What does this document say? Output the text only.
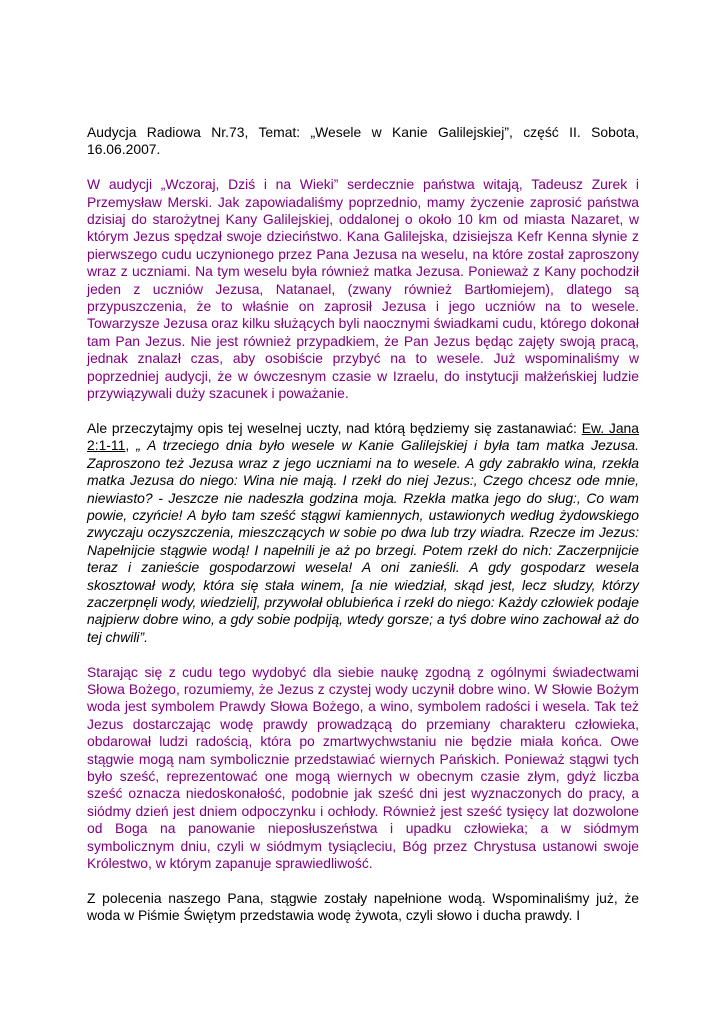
Audycja Radiowa Nr.73, Temat: „Wesele w Kanie Galilejskiej”, część II. Sobota, 16.06.2007.

W audycji „Wczoraj, Dziś i na Wieki” serdecznie państwa witają, Tadeusz Zurek i Przemysław Merski. Jak zapowiadaliśmy poprzednio, mamy życzenie zaprosić państwa dzisiaj do starożytnej Kany Galilejskiej, oddalonej o około 10 km od miasta Nazaret, w którym Jezus spędzał swoje dzieciństwo. Kana Galilejska, dzisiejsza Kefr Kenna słynie z pierwszego cudu uczynionego przez Pana Jezusa na weselu, na które został zaproszony wraz z uczniami. Na tym weselu była również matka Jezusa. Ponieważ z Kany pochodził jeden z uczniów Jezusa, Natanael, (zwany również Bartłomiejem), dlatego są przypuszczenia, że to właśnie on zaprosił Jezusa i jego uczniów na to wesele. Towarzysze Jezusa oraz kilku służących byli naocznymi świadkami cudu, którego dokonał tam Pan Jezus. Nie jest również przypadkiem, że Pan Jezus będąc zajęty swoją pracą, jednak znalazł czas, aby osobiście przybyć na to wesele. Już wspominaliśmy w poprzedniej audycji, że w ówczesnym czasie w Izraelu, do instytucji małżeńskiej ludzie przywiązywali duży szacunek i poważanie.

Ale przeczytajmy opis tej weselnej uczty, nad którą będziemy się zastanawiać: Ew. Jana 2:1-11, „ A trzeciego dnia było wesele w Kanie Galilejskiej i była tam matka Jezusa. Zaproszono też Jezusa wraz z jego uczniami na to wesele. A gdy zabrakło wina, rzekła matka Jezusa do niego: Wina nie mają. I rzekł do niej Jezus:, Czego chcesz ode mnie, niewiasto? - Jeszcze nie nadeszła godzina moja. Rzekła matka jego do sług:, Co wam powie, czyńcie! A było tam sześć stągwi kamiennych, ustawionych według żydowskiego zwyczaju oczyszczenia, mieszczących w sobie po dwa lub trzy wiadra. Rzecze im Jezus: Napełnijcie stągwie wodą! I napełnili je aż po brzegi. Potem rzekł do nich: Zaczerpnijcie teraz i zanieście gospodarzowi wesela! A oni zanieśli. A gdy gospodarz wesela skosztował wody, która się stała winem, [a nie wiedział, skąd jest, lecz słudzy, którzy zaczerpnęli wody, wiedzieli], przywołał oblubieńca i rzekł do niego: Każdy człowiek podaje najpierw dobre wino, a gdy sobie podpiją, wtedy gorsze; a tyś dobre wino zachował aż do tej chwili”.

Starając się z cudu tego wydobyć dla siebie naukę zgodną z ogólnymi świadectwami Słowa Bożego, rozumiemy, że Jezus z czystej wody uczynił dobre wino. W Słowie Bożym woda jest symbolem Prawdy Słowa Bożego, a wino, symbolem radości i wesela. Tak też Jezus dostarczając wodę prawdy prowadzącą do przemiany charakteru człowieka, obdarował ludzi radością, która po zmartwychwstaniu nie będzie miała końca. Owe stągwie mogą nam symbolicznie przedstawiać wiernych Pańskich. Ponieważ stągwi tych było sześć, reprezentować one mogą wiernych w obecnym czasie złym, gdyż liczba sześć oznacza niedoskonałość, podobnie jak sześć dni jest wyznaczonych do pracy, a siódmy dzień jest dniem odpoczynku i ochłody. Również jest sześć tysięcy lat dozwolone od Boga na panowanie nieposłuszeństwa i upadku człowieka; a w siódmym symbolicznym dniu, czyli w siódmym tysiącleciu, Bóg przez Chrystusa ustanowi swoje Królestwo, w którym zapanuje sprawiedliwość.

Z polecenia naszego Pana, stągwie zostały napełnione wodą. Wspominaliśmy już, że woda w Piśmie Świętym przedstawia wodę żywota, czyli słowo i ducha prawdy. I
